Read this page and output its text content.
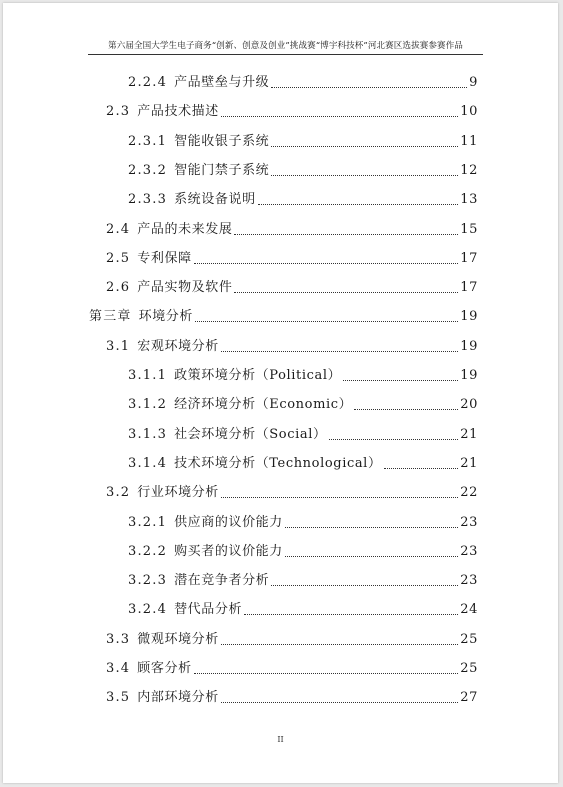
第六届全国大学生电子商务“创新、创意及创业”挑战赛“博宇科技杯”河北赛区选拔赛参赛作品
2.2.4 产品壁垒与升级	9
2.3 产品技术描述	10
2.3.1 智能收银子系统	11
2.3.2 智能门禁子系统	12
2.3.3 系统设备说明	13
2.4 产品的未来发展	15
2.5 专利保障	17
2.6 产品实物及软件	17
第三章 环境分析	19
3.1 宏观环境分析	19
3.1.1 政策环境分析（Political）	19
3.1.2 经济环境分析（Economic）	20
3.1.3 社会环境分析（Social）	21
3.1.4 技术环境分析（Technological）	21
3.2 行业环境分析	22
3.2.1 供应商的议价能力	23
3.2.2 购买者的议价能力	23
3.2.3 潜在竞争者分析	23
3.2.4 替代品分析	24
3.3 微观环境分析	25
3.4 顾客分析	25
3.5 内部环境分析	27
II
